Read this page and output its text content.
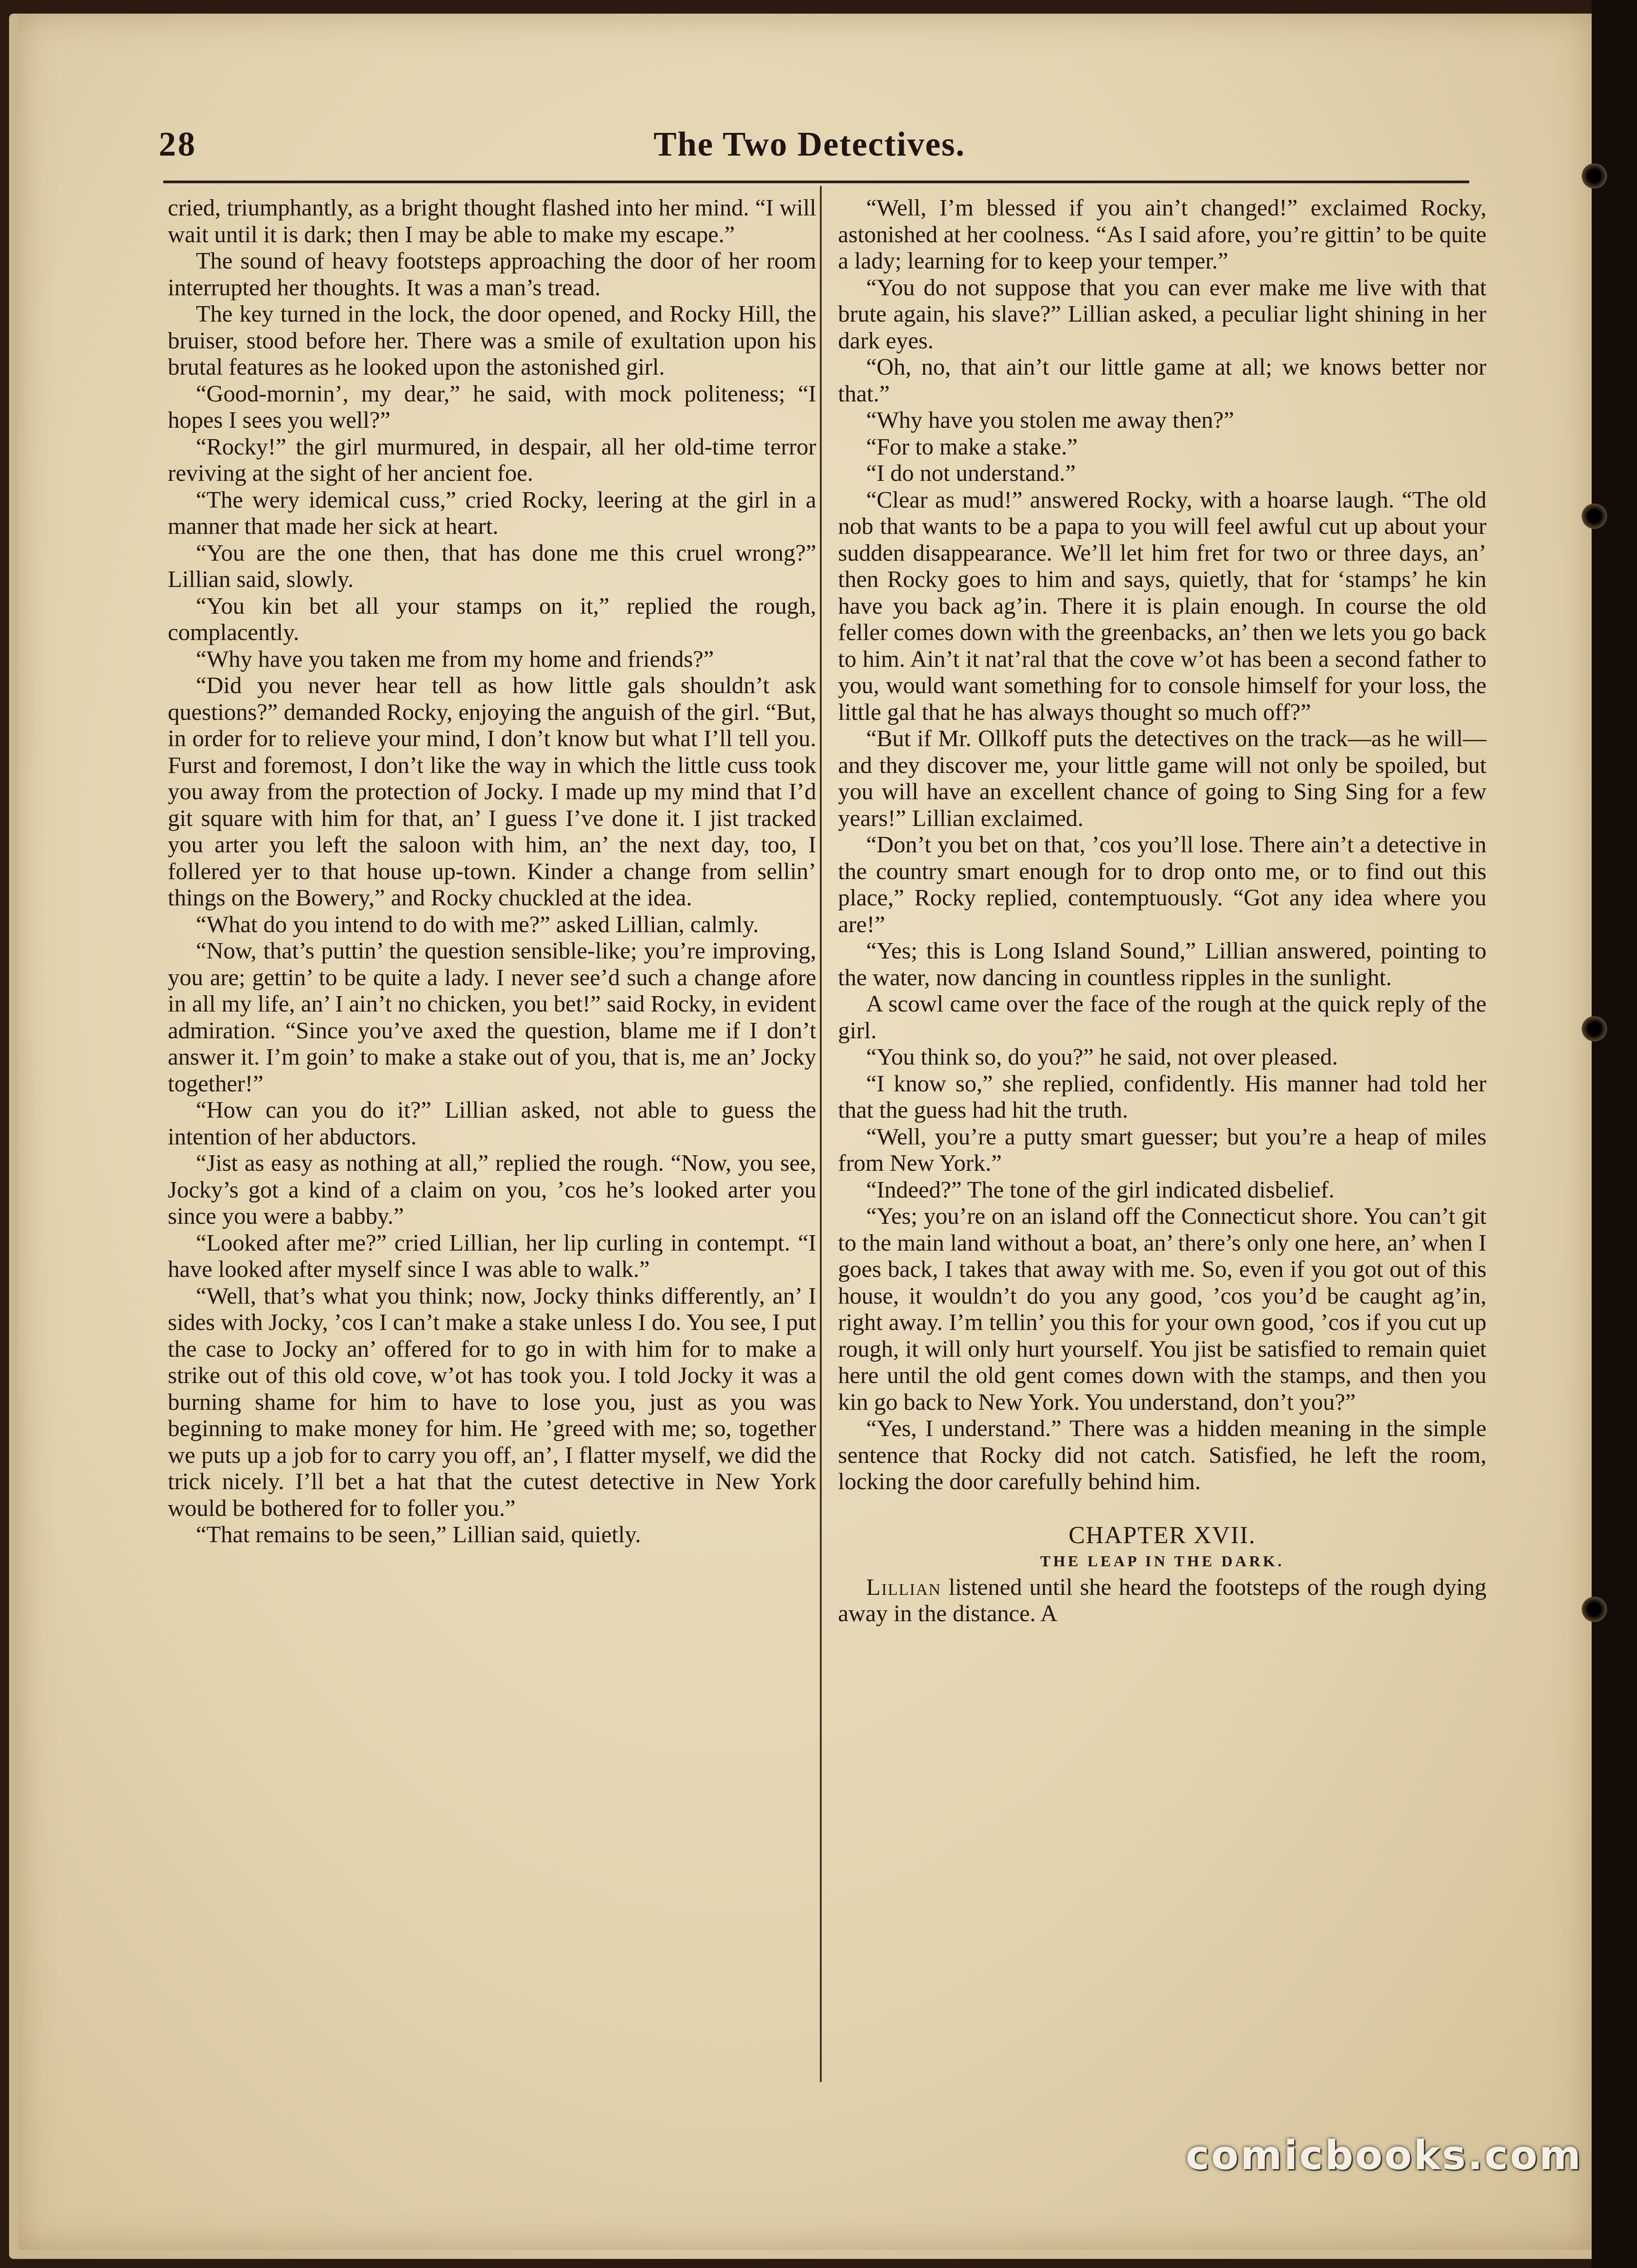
28	The Two Detectives.

cried, triumphantly, as a bright thought flashed into her mind. “I will wait until it is dark; then I may be able to make my escape.”

The sound of heavy footsteps approaching the door of her room interrupted her thoughts. It was a man’s tread.

The key turned in the lock, the door opened, and Rocky Hill, the bruiser, stood before her. There was a smile of exultation upon his brutal features as he looked upon the astonished girl.

“Good-mornin’, my dear,” he said, with mock politeness; “I hopes I sees you well?”

“Rocky!” the girl murmured, in despair, all her old-time terror reviving at the sight of her ancient foe.

“The wery idemical cuss,” cried Rocky, leering at the girl in a manner that made her sick at heart.

“You are the one then, that has done me this cruel wrong?” Lillian said, slowly.

“You kin bet all your stamps on it,” replied the rough, complacently.

“Why have you taken me from my home and friends?”

“Did you never hear tell as how little gals shouldn’t ask questions?” demanded Rocky, enjoying the anguish of the girl. “But, in order for to relieve your mind, I don’t know but what I’ll tell you. Furst and foremost, I don’t like the way in which the little cuss took you away from the protection of Jocky. I made up my mind that I’d git square with him for that, an’ I guess I’ve done it. I jist tracked you arter you left the saloon with him, an’ the next day, too, I follered yer to that house up-town. Kinder a change from sellin’ things on the Bowery,” and Rocky chuckled at the idea.

“What do you intend to do with me?” asked Lillian, calmly.

“Now, that’s puttin’ the question sensible-like; you’re improving, you are; gettin’ to be quite a lady. I never see’d such a change afore in all my life, an’ I ain’t no chicken, you bet!” said Rocky, in evident admiration. “Since you’ve axed the question, blame me if I don’t answer it. I’m goin’ to make a stake out of you, that is, me an’ Jocky together!”

“How can you do it?” Lillian asked, not able to guess the intention of her abductors.

“Jist as easy as nothing at all,” replied the rough. “Now, you see, Jocky’s got a kind of a claim on you, ’cos he’s looked arter you since you were a babby.”

“Looked after me?” cried Lillian, her lip curling in contempt. “I have looked after myself since I was able to walk.”

“Well, that’s what you think; now, Jocky thinks differently, an’ I sides with Jocky, ’cos I can’t make a stake unless I do. You see, I put the case to Jocky an’ offered for to go in with him for to make a strike out of this old cove, w’ot has took you. I told Jocky it was a burning shame for him to have to lose you, just as you was beginning to make money for him. He ’greed with me; so, together we puts up a job for to carry you off, an’, I flatter myself, we did the trick nicely. I’ll bet a hat that the cutest detective in New York would be bothered for to foller you.”

“That remains to be seen,” Lillian said, quietly.

“Well, I’m blessed if you ain’t changed!” exclaimed Rocky, astonished at her coolness. “As I said afore, you’re gittin’ to be quite a lady; learning for to keep your temper.”

“You do not suppose that you can ever make me live with that brute again, his slave?” Lillian asked, a peculiar light shining in her dark eyes.

“Oh, no, that ain’t our little game at all; we knows better nor that.”

“Why have you stolen me away then?”

“For to make a stake.”

“I do not understand.”

“Clear as mud!” answered Rocky, with a hoarse laugh. “The old nob that wants to be a papa to you will feel awful cut up about your sudden disappearance. We’ll let him fret for two or three days, an’ then Rocky goes to him and says, quietly, that for ‘stamps’ he kin have you back ag’in. There it is plain enough. In course the old feller comes down with the greenbacks, an’ then we lets you go back to him. Ain’t it nat’ral that the cove w’ot has been a second father to you, would want something for to console himself for your loss, the little gal that he has always thought so much off?”

“But if Mr. Ollkoff puts the detectives on the track—as he will—and they discover me, your little game will not only be spoiled, but you will have an excellent chance of going to Sing Sing for a few years!” Lillian exclaimed.

“Don’t you bet on that, ’cos you’ll lose. There ain’t a detective in the country smart enough for to drop onto me, or to find out this place,” Rocky replied, contemptuously. “Got any idea where you are!”

“Yes; this is Long Island Sound,” Lillian answered, pointing to the water, now dancing in countless ripples in the sunlight.

A scowl came over the face of the rough at the quick reply of the girl.

“You think so, do you?” he said, not over pleased.

“I know so,” she replied, confidently. His manner had told her that the guess had hit the truth.

“Well, you’re a putty smart guesser; but you’re a heap of miles from New York.”

“Indeed?” The tone of the girl indicated disbelief.

“Yes; you’re on an island off the Connecticut shore. You can’t git to the main land without a boat, an’ there’s only one here, an’ when I goes back, I takes that away with me. So, even if you got out of this house, it wouldn’t do you any good, ’cos you’d be caught ag’in, right away. I’m tellin’ you this for your own good, ’cos if you cut up rough, it will only hurt yourself. You jist be satisfied to remain quiet here until the old gent comes down with the stamps, and then you kin go back to New York. You understand, don’t you?”

“Yes, I understand.” There was a hidden meaning in the simple sentence that Rocky did not catch. Satisfied, he left the room, locking the door carefully behind him.

CHAPTER XVII.
THE LEAP IN THE DARK.

Lillian listened until she heard the footsteps of the rough dying away in the distance. A

comicbooks.com
